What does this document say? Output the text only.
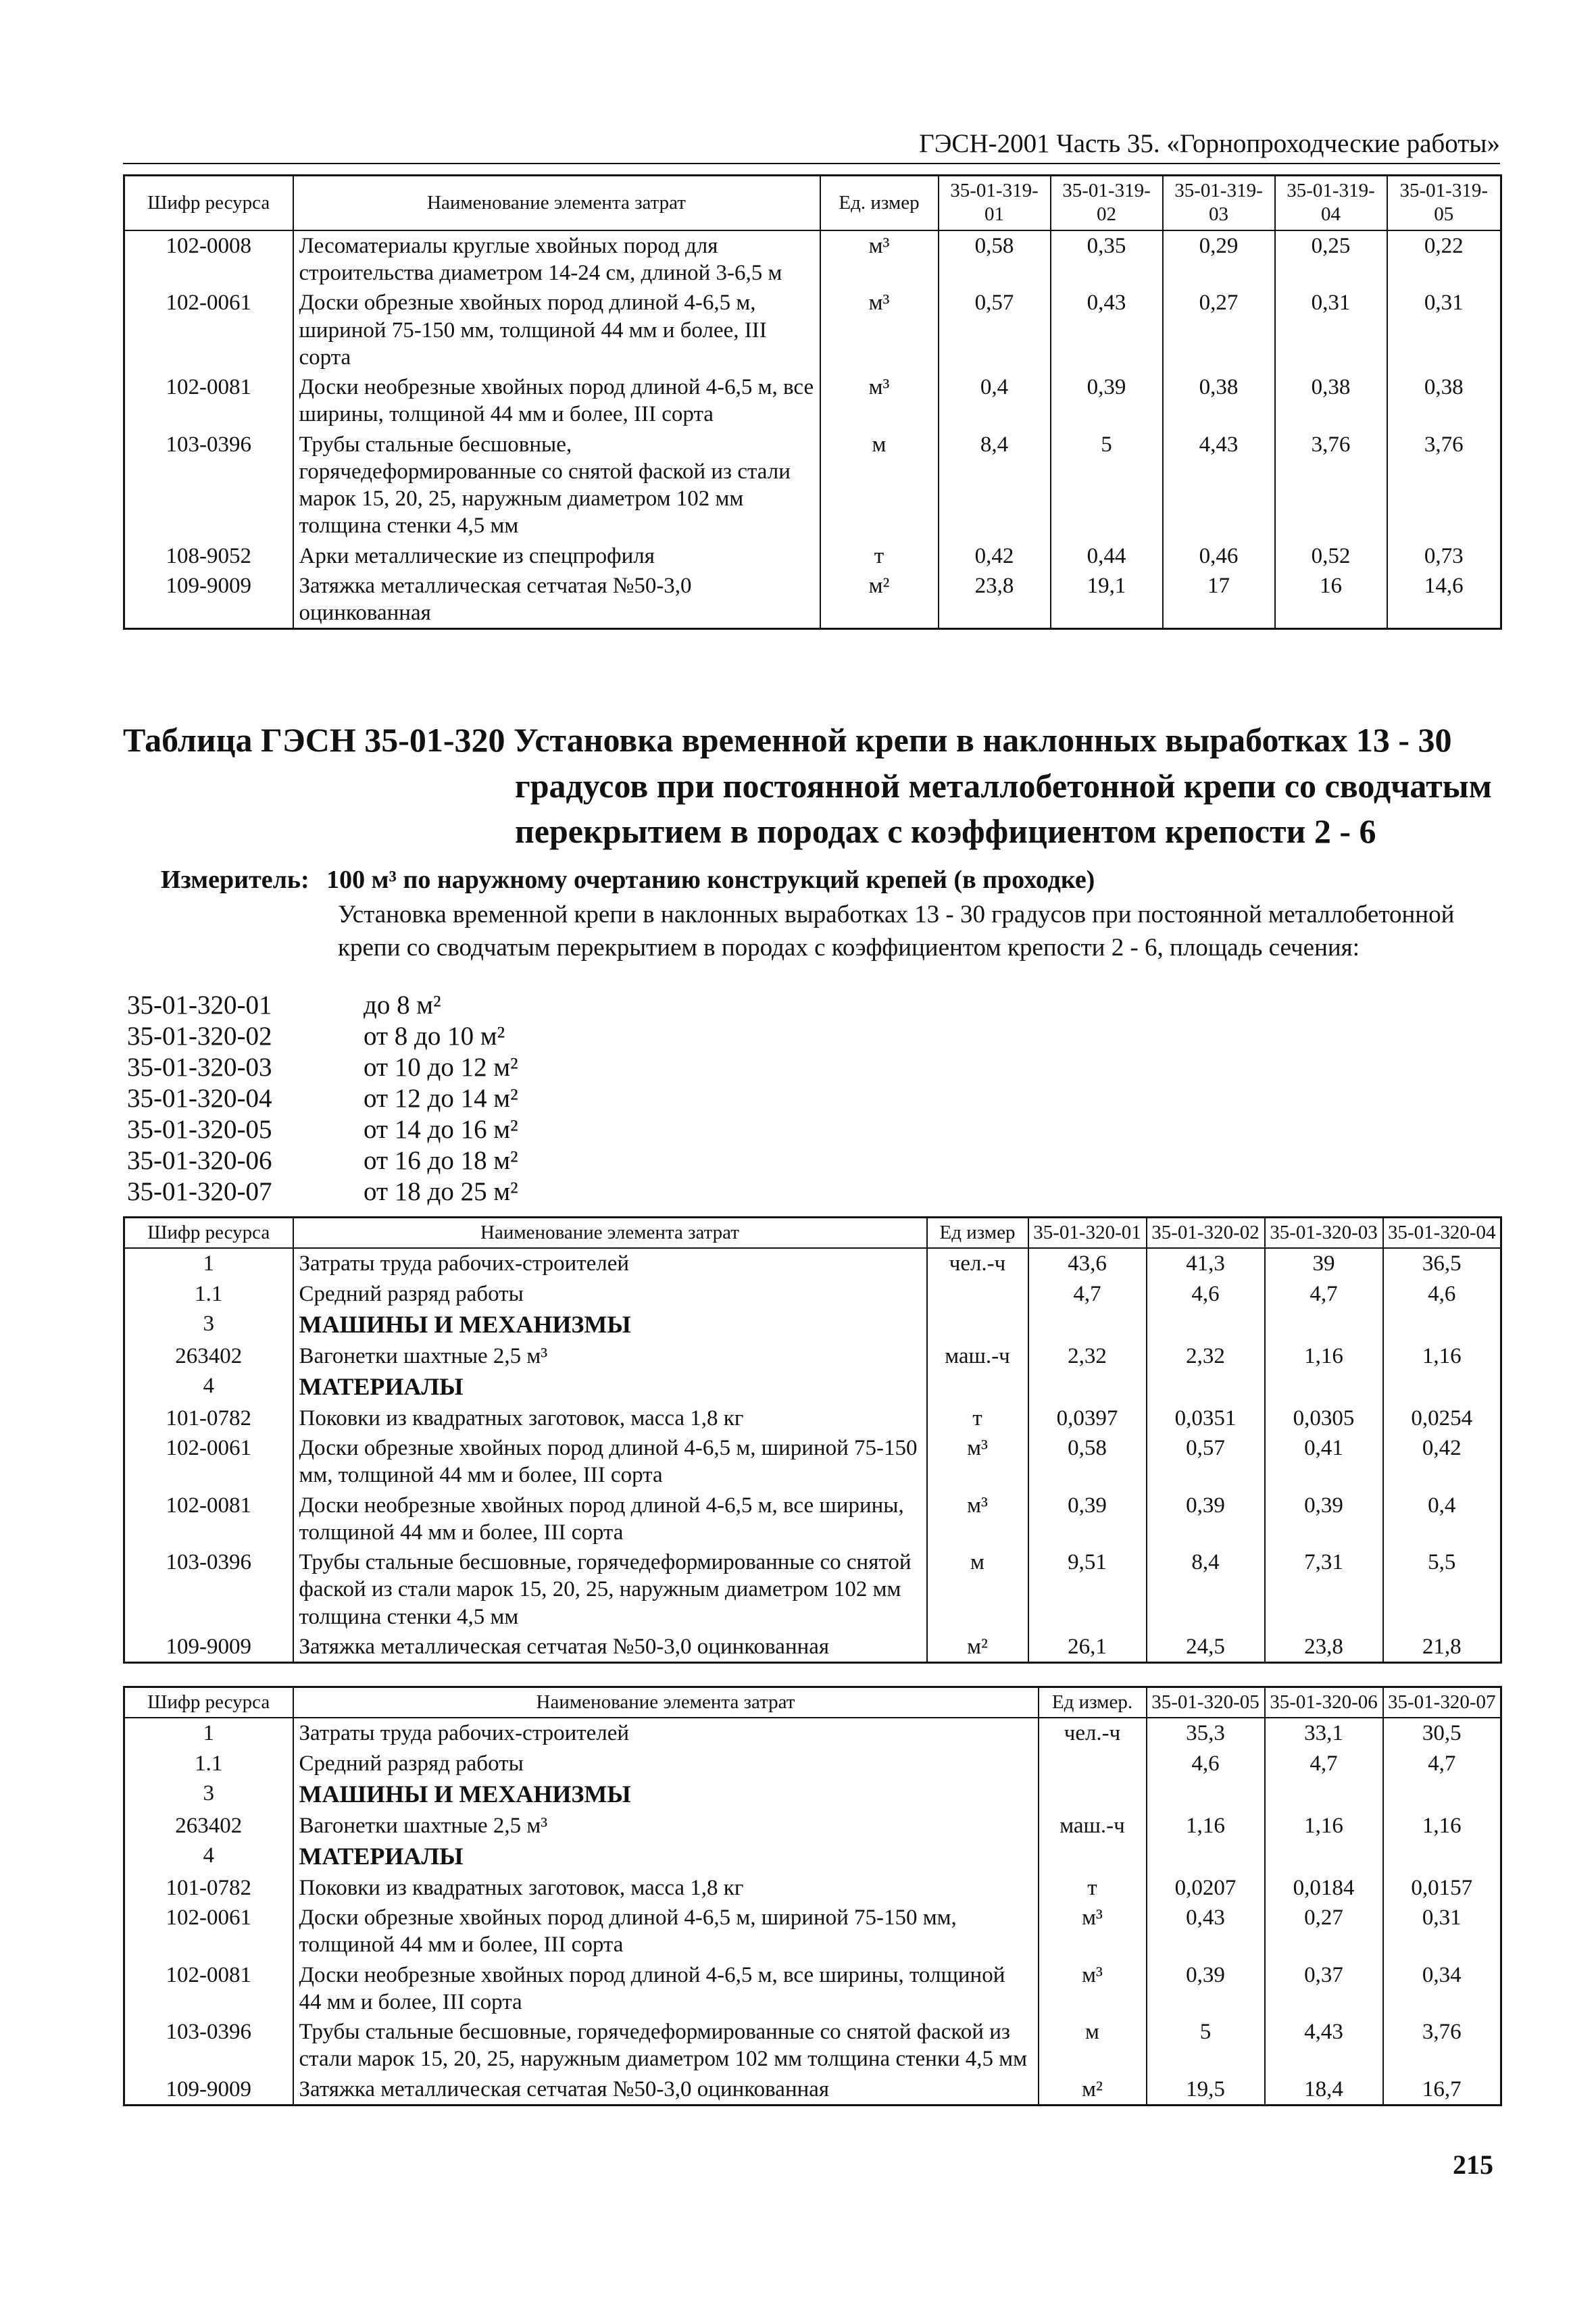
ГЭСН-2001 Часть 35. «Горнопроходческие работы»
Шифр ресурса	Наименование элемента затрат	Ед. измер	35-01-319-01	35-01-319-02	35-01-319-03	35-01-319-04	35-01-319-05
102-0008	Лесоматериалы круглые хвойных пород для строительства диаметром 14-24 см, длиной 3-6,5 м	м³	0,58	0,35	0,29	0,25	0,22
102-0061	Доски обрезные хвойных пород длиной 4-6,5 м, шириной 75-150 мм, толщиной 44 мм и более, III сорта	м³	0,57	0,43	0,27	0,31	0,31
102-0081	Доски необрезные хвойных пород длиной 4-6,5 м, все ширины, толщиной 44 мм и более, III сорта	м³	0,4	0,39	0,38	0,38	0,38
103-0396	Трубы стальные бесшовные, горячедеформированные со снятой фаской из стали марок 15, 20, 25, наружным диаметром 102 мм толщина стенки 4,5 мм	м	8,4	5	4,43	3,76	3,76
108-9052	Арки металлические из спецпрофиля	т	0,42	0,44	0,46	0,52	0,73
109-9009	Затяжка металлическая сетчатая №50-3,0 оцинкованная	м²	23,8	19,1	17	16	14,6
Таблица ГЭСН 35-01-320 Установка временной крепи в наклонных выработках 13 - 30
градусов при постоянной металлобетонной крепи со сводчатым
перекрытием в породах с коэффициентом крепости 2 - 6
Измеритель: 100 м³ по наружному очертанию конструкций крепей (в проходке)
Установка временной крепи в наклонных выработках 13 - 30 градусов при постоянной металлобетонной крепи со сводчатым перекрытием в породах с коэффициентом крепости 2 - 6, площадь сечения:
35-01-320-01	до 8 м²
35-01-320-02	от 8 до 10 м²
35-01-320-03	от 10 до 12 м²
35-01-320-04	от 12 до 14 м²
35-01-320-05	от 14 до 16 м²
35-01-320-06	от 16 до 18 м²
35-01-320-07	от 18 до 25 м²
Шифр ресурса	Наименование элемента затрат	Ед измер	35-01-320-01	35-01-320-02	35-01-320-03	35-01-320-04
1	Затраты труда рабочих-строителей	чел.-ч	43,6	41,3	39	36,5
1.1	Средний разряд работы		4,7	4,6	4,7	4,6
3	МАШИНЫ И МЕХАНИЗМЫ					
263402	Вагонетки шахтные 2,5 м³	маш.-ч	2,32	2,32	1,16	1,16
4	МАТЕРИАЛЫ					
101-0782	Поковки из квадратных заготовок, масса 1,8 кг	т	0,0397	0,0351	0,0305	0,0254
102-0061	Доски обрезные хвойных пород длиной 4-6,5 м, шириной 75-150 мм, толщиной 44 мм и более, III сорта	м³	0,58	0,57	0,41	0,42
102-0081	Доски необрезные хвойных пород длиной 4-6,5 м, все ширины, толщиной 44 мм и более, III сорта	м³	0,39	0,39	0,39	0,4
103-0396	Трубы стальные бесшовные, горячедеформированные со снятой фаской из стали марок 15, 20, 25, наружным диаметром 102 мм толщина стенки 4,5 мм	м	9,51	8,4	7,31	5,5
109-9009	Затяжка металлическая сетчатая №50-3,0 оцинкованная	м²	26,1	24,5	23,8	21,8
Шифр ресурса	Наименование элемента затрат	Ед измер.	35-01-320-05	35-01-320-06	35-01-320-07
1	Затраты труда рабочих-строителей	чел.-ч	35,3	33,1	30,5
1.1	Средний разряд работы		4,6	4,7	4,7
3	МАШИНЫ И МЕХАНИЗМЫ				
263402	Вагонетки шахтные 2,5 м³	маш.-ч	1,16	1,16	1,16
4	МАТЕРИАЛЫ				
101-0782	Поковки из квадратных заготовок, масса 1,8 кг	т	0,0207	0,0184	0,0157
102-0061	Доски обрезные хвойных пород длиной 4-6,5 м, шириной 75-150 мм, толщиной 44 мм и более, III сорта	м³	0,43	0,27	0,31
102-0081	Доски необрезные хвойных пород длиной 4-6,5 м, все ширины, толщиной 44 мм и более, III сорта	м³	0,39	0,37	0,34
103-0396	Трубы стальные бесшовные, горячедеформированные со снятой фаской из стали марок 15, 20, 25, наружным диаметром 102 мм толщина стенки 4,5 мм	м	5	4,43	3,76
109-9009	Затяжка металлическая сетчатая №50-3,0 оцинкованная	м²	19,5	18,4	16,7
215
